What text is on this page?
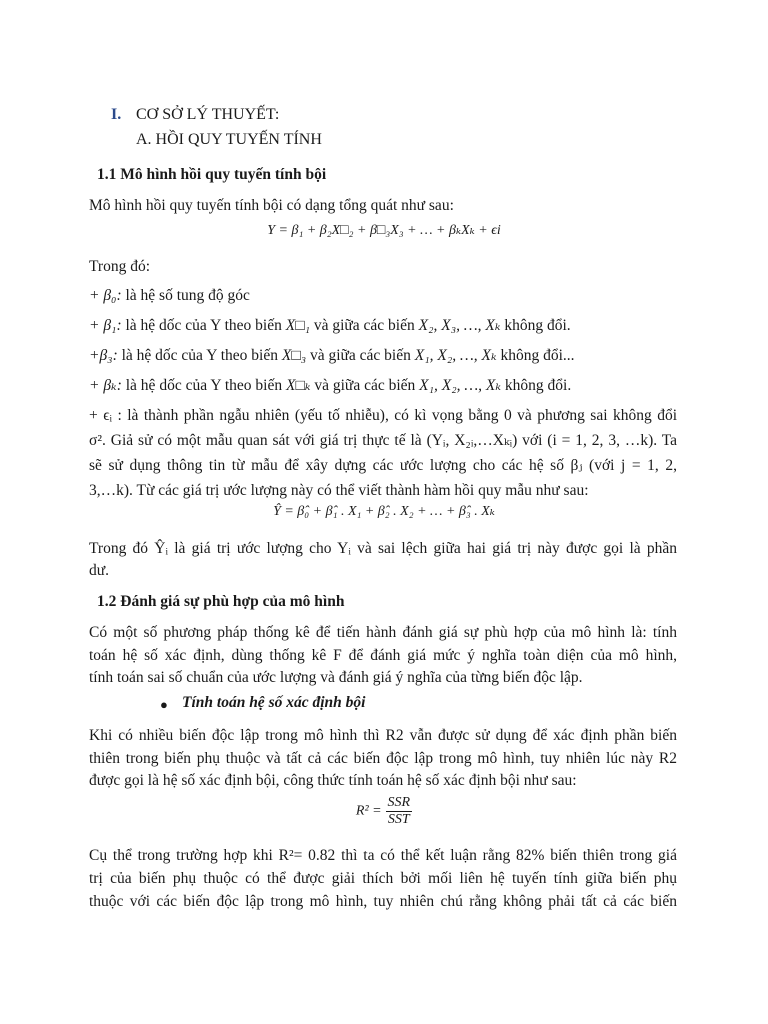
I. CƠ SỞ LÝ THUYẾT:
A. HỒI QUY TUYẾN TÍNH
1.1 Mô hình hồi quy tuyến tính bội
Mô hình hồi quy tuyến tính bội có dạng tổng quát như sau:
Y = β₁ + β₂X□₂ + β□₃X₃ + … + βₖXₖ + ϵi
Trong đó:
+ β₀: là hệ số tung độ góc
+ β₁: là hệ dốc của Y theo biến X□₁ và giữa các biến X₂, X₃, …, Xₖ không đổi.
+β₃: là hệ dốc của Y theo biến X□₃ và giữa các biến X₁, X₂, …, Xₖ không đổi...
+ βₖ: là hệ dốc của Y theo biến X□ₖ và giữa các biến X₁, X₂, …, Xₖ không đổi.
+ ϵᵢ : là thành phần ngẫu nhiên (yếu tố nhiễu), có kì vọng bằng 0 và phương sai không đổi
σ². Giả sử có một mẫu quan sát với giá trị thực tế là (Yᵢ, X₂ᵢ,…Xₖᵢ) với (i = 1, 2, 3, …k). Ta
sẽ sử dụng thông tin từ mẫu để xây dựng các ước lượng cho các hệ số βⱼ (với j = 1, 2,
3,…k). Từ các giá trị ước lượng này có thể viết thành hàm hồi quy mẫu như sau:
Ŷ = β̂₀ + β̂₁ . X₁ + β̂₂ . X₂ + … + β̂₃ . Xₖ
Trong đó Ŷᵢ là giá trị ước lượng cho Yᵢ và sai lệch giữa hai giá trị này được gọi là phần
dư.
1.2 Đánh giá sự phù hợp của mô hình
Có một số phương pháp thống kê để tiến hành đánh giá sự phù hợp của mô hình là: tính
toán hệ số xác định, dùng thống kê F để đánh giá mức ý nghĩa toàn diện của mô hình,
tính toán sai số chuẩn của ước lượng và đánh giá ý nghĩa của từng biến độc lập.
● Tính toán hệ số xác định bội
Khi có nhiều biến độc lập trong mô hình thì R2 vẫn được sử dụng để xác định phần biến
thiên trong biến phụ thuộc và tất cả các biến độc lập trong mô hình, tuy nhiên lúc này R2
được gọi là hệ số xác định bội, công thức tính toán hệ số xác định bội như sau:
$R^2 = \frac{\text{SSR}}{\text{SST}}$
Cụ thể trong trường hợp khi R²= 0.82 thì ta có thể kết luận rằng 82% biến thiên trong giá
trị của biến phụ thuộc có thể được giải thích bởi mối liên hệ tuyến tính giữa biến phụ
thuộc với các biến độc lập trong mô hình, tuy nhiên chú rằng không phải tất cả các biến
